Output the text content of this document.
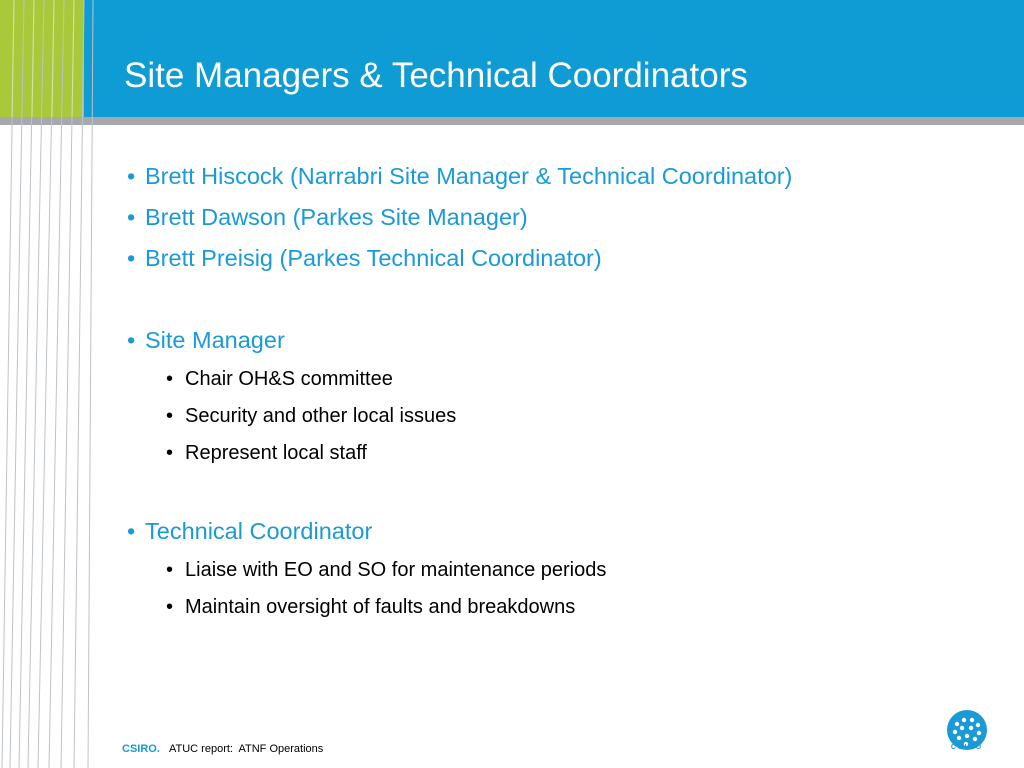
Site Managers & Technical Coordinators
• Brett Hiscock (Narrabri Site Manager & Technical Coordinator)
• Brett Dawson (Parkes Site Manager)
• Brett Preisig (Parkes Technical Coordinator)
• Site Manager
• Chair OH&S committee
• Security and other local issues
• Represent local staff
• Technical Coordinator
• Liaise with EO and SO for maintenance periods
• Maintain oversight of faults and breakdowns
CSIRO. ATUC report:  ATNF Operations	CSIRO
